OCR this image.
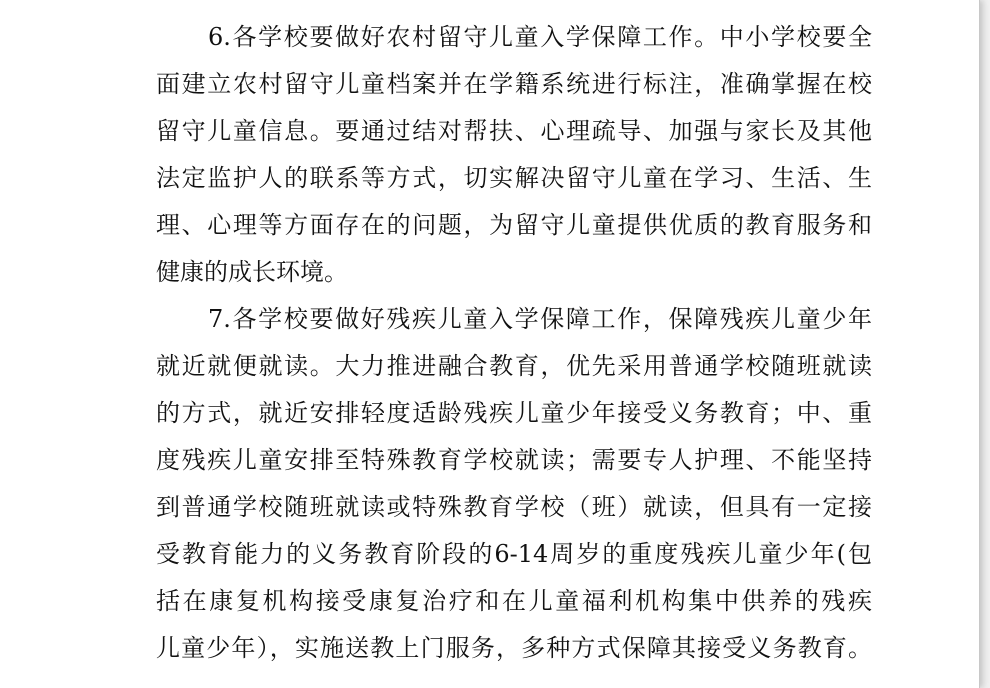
6.各学校要做好农村留守儿童入学保障工作。中小学校要全
面建立农村留守儿童档案并在学籍系统进行标注，准确掌握在校
留守儿童信息。要通过结对帮扶、心理疏导、加强与家长及其他
法定监护人的联系等方式，切实解决留守儿童在学习、生活、生
理、心理等方面存在的问题，为留守儿童提供优质的教育服务和
健康的成长环境。
7.各学校要做好残疾儿童入学保障工作，保障残疾儿童少年
就近就便就读。大力推进融合教育，优先采用普通学校随班就读
的方式，就近安排轻度适龄残疾儿童少年接受义务教育；中、重
度残疾儿童安排至特殊教育学校就读；需要专人护理、不能坚持
到普通学校随班就读或特殊教育学校（班）就读，但具有一定接
受教育能力的义务教育阶段的6-14周岁的重度残疾儿童少年(包
括在康复机构接受康复治疗和在儿童福利机构集中供养的残疾
儿童少年），实施送教上门服务，多种方式保障其接受义务教育。
